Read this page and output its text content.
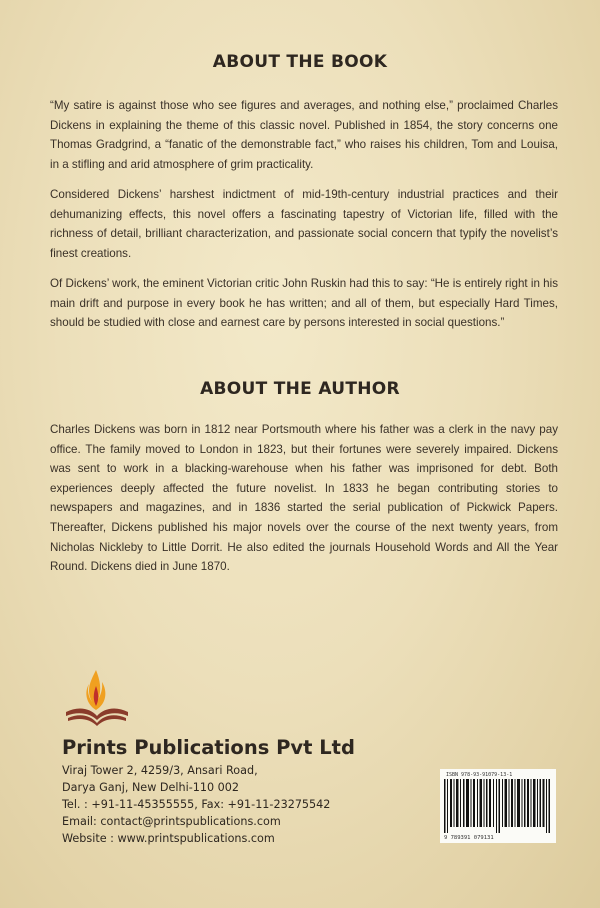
ABOUT THE BOOK

“My satire is against those who see figures and averages, and nothing else,” proclaimed Charles Dickens in explaining the theme of this classic novel. Published in 1854, the story concerns one Thomas Gradgrind, a “fanatic of the demonstrable fact,” who raises his children, Tom and Louisa, in a stifling and arid atmosphere of grim practicality.

Considered Dickens’ harshest indictment of mid-19th-century industrial practices and their dehumanizing effects, this novel offers a fascinating tapestry of Victorian life, filled with the richness of detail, brilliant characterization, and passionate social concern that typify the novelist’s finest creations.

Of Dickens’ work, the eminent Victorian critic John Ruskin had this to say: “He is entirely right in his main drift and purpose in every book he has written; and all of them, but especially Hard Times, should be studied with close and earnest care by persons interested in social questions.”

ABOUT THE AUTHOR

Charles Dickens was born in 1812 near Portsmouth where his father was a clerk in the navy pay office. The family moved to London in 1823, but their fortunes were severely impaired. Dickens was sent to work in a blacking-warehouse when his father was imprisoned for debt. Both experiences deeply affected the future novelist. In 1833 he began contributing stories to newspapers and magazines, and in 1836 started the serial publication of Pickwick Papers. Thereafter, Dickens published his major novels over the course of the next twenty years, from Nicholas Nickleby to Little Dorrit. He also edited the journals Household Words and All the Year Round. Dickens died in June 1870.

Prints Publications Pvt Ltd
Viraj Tower 2, 4259/3, Ansari Road,
Darya Ganj, New Delhi-110 002
Tel. : +91-11-45355555, Fax: +91-11-23275542
Email: contact@printspublications.com
Website : www.printspublications.com
ISBN 978-93-91079-13-1
9 789391 079131
